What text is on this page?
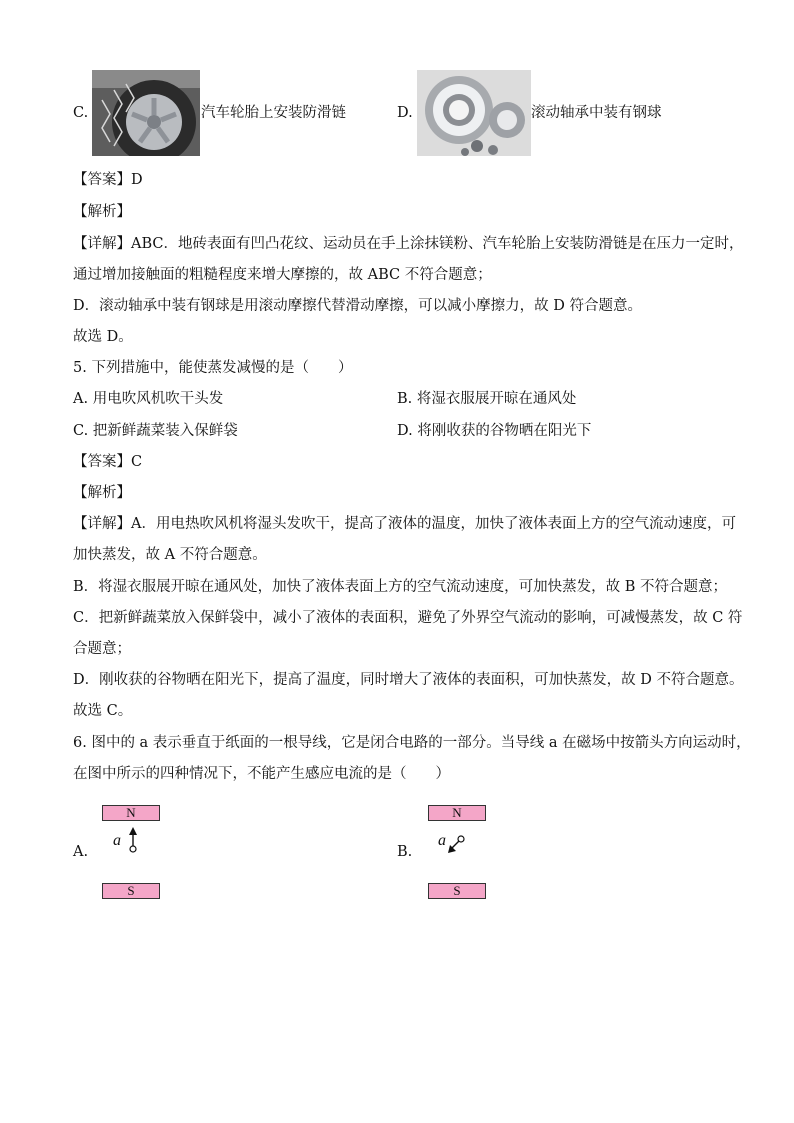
C.	汽车轮胎上安装防滑链	D.	滚动轴承中装有钢球
【答案】D
【解析】
【详解】ABC．地砖表面有凹凸花纹、运动员在手上涂抹镁粉、汽车轮胎上安装防滑链是在压力一定时，
通过增加接触面的粗糙程度来增大摩擦的，故 ABC 不符合题意；
D．滚动轴承中装有钢球是用滚动摩擦代替滑动摩擦，可以减小摩擦力，故 D 符合题意。
故选 D。
5. 下列措施中，能使蒸发减慢的是（　　）
A. 用电吹风机吹干头发	B. 将湿衣服展开晾在通风处
C. 把新鲜蔬菜装入保鲜袋	D. 将刚收获的谷物晒在阳光下
【答案】C
【解析】
【详解】A．用电热吹风机将湿头发吹干，提高了液体的温度，加快了液体表面上方的空气流动速度，可
加快蒸发，故 A 不符合题意。
B．将湿衣服展开晾在通风处，加快了液体表面上方的空气流动速度，可加快蒸发，故 B 不符合题意；
C．把新鲜蔬菜放入保鲜袋中，减小了液体的表面积，避免了外界空气流动的影响，可减慢蒸发，故 C 符
合题意；
D．刚收获的谷物晒在阳光下，提高了温度，同时增大了液体的表面积，可加快蒸发，故 D 不符合题意。
故选 C。
6. 图中的 a 表示垂直于纸面的一根导线，它是闭合电路的一部分。当导线 a 在磁场中按箭头方向运动时，
在图中所示的四种情况下，不能产生感应电流的是（　　）
A.
N
a
S
B.
N
a
S
